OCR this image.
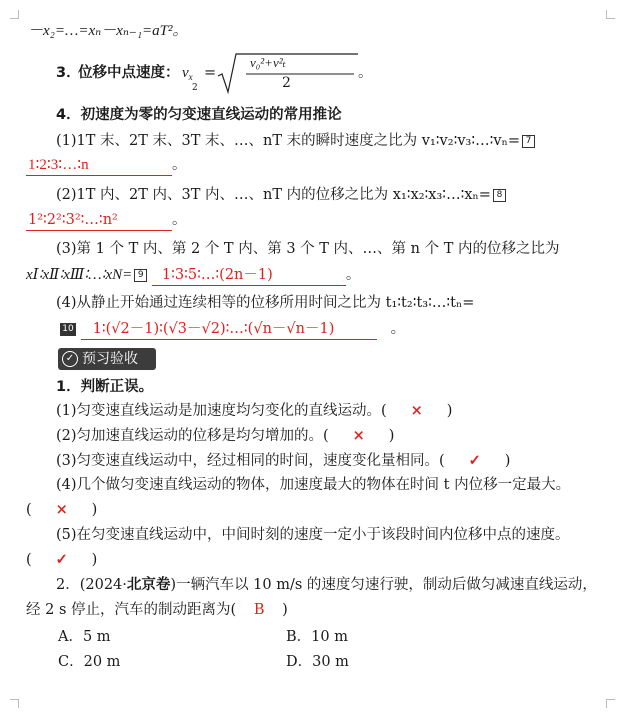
－x₂=…=xₙ－xₙ₋₁=aT²。
3．
位移中点速度： $v_x$
2
=
v₀²+v²ₜ
2
。
4．初速度为零的匀变速直线运动的常用推论
(1)1T 末、2T 末、3T 末、…、nT 末的瞬时速度之比为 v₁∶v₂∶v₃∶…∶vₙ= 7
1∶2∶3∶…∶n	。
(2)1T 内、2T 内、3T 内、…、nT 内的位移之比为 x₁∶x₂∶x₃∶…∶xₙ= 8
1²∶2²∶3²∶…∶n²	。
(3)第 1 个 T 内、第 2 个 T 内、第 3 个 T 内、…、第 n 个 T 内的位移之比为
xⅠ∶xⅡ∶xⅢ∶…∶xN= 9 1∶3∶5∶…∶(2n－1)	。
(4)从静止开始通过连续相等的位移所用时间之比为 t₁∶t₂∶t₃∶…∶tₙ=
10 1∶(√2－1)∶(√3－√2)∶…∶(√n－√n－1)	。
✓ 预习验收
1．判断正误。
(1)匀变速直线运动是加速度均匀变化的直线运动。( × )
(2)匀加速直线运动的位移是均匀增加的。( × )
(3)匀变速直线运动中，经过相同的时间，速度变化量相同。( ✓ )
(4)几个做匀变速直线运动的物体，加速度最大的物体在时间 t 内位移一定最大。
( × )
(5)在匀变速直线运动中，中间时刻的速度一定小于该段时间内位移中点的速度。
( ✓ )
2．(2024·北京卷)一辆汽车以 10 m/s 的速度匀速行驶，制动后做匀减速直线运动，
经 2 s 停止，汽车的制动距离为( B )
A．5 m	B．10 m
C．20 m	D．30 m
